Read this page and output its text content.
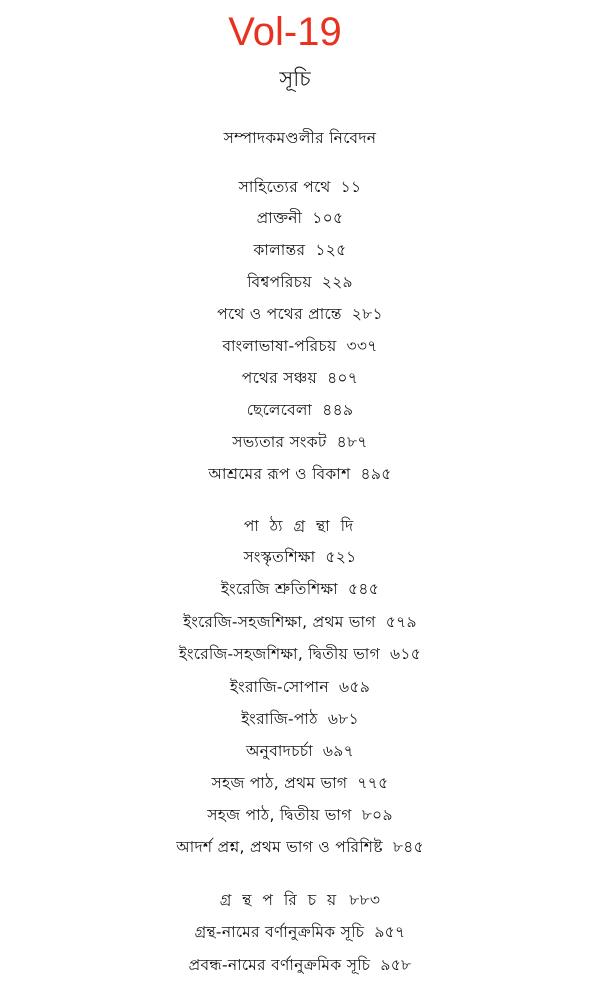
Vol-19
সূচি
সম্পাদকমণ্ডলীর নিবেদন
সাহিত্যের পথে ১১
প্রাক্তনী ১০৫
কালান্তর ১২৫
বিশ্বপরিচয় ২২৯
পথে ও পথের প্রান্তে ২৮১
বাংলাভাষা-পরিচয় ৩৩৭
পথের সঞ্চয় ৪০৭
ছেলেবেলা ৪৪৯
সভ্যতার সংকট ৪৮৭
আশ্রমের রূপ ও বিকাশ ৪৯৫
পা ঠ্য গ্র ন্থা দি
সংস্কৃতশিক্ষা ৫২১
ইংরেজি শ্রুতিশিক্ষা ৫৪৫
ইংরেজি-সহজশিক্ষা, প্রথম ভাগ ৫৭৯
ইংরেজি-সহজশিক্ষা, দ্বিতীয় ভাগ ৬১৫
ইংরাজি-সোপান ৬৫৯
ইংরাজি-পাঠ ৬৮১
অনুবাদচর্চা ৬৯৭
সহজ পাঠ, প্রথম ভাগ ৭৭৫
সহজ পাঠ, দ্বিতীয় ভাগ ৮০৯
আদর্শ প্রশ্ন, প্রথম ভাগ ও পরিশিষ্ট ৮৪৫
গ্র ন্থ প রি চ য় ৮৮৩
গ্রন্থ-নামের বর্ণানুক্রমিক সূচি ৯৫৭
প্রবন্ধ-নামের বর্ণানুক্রমিক সূচি ৯৫৮
